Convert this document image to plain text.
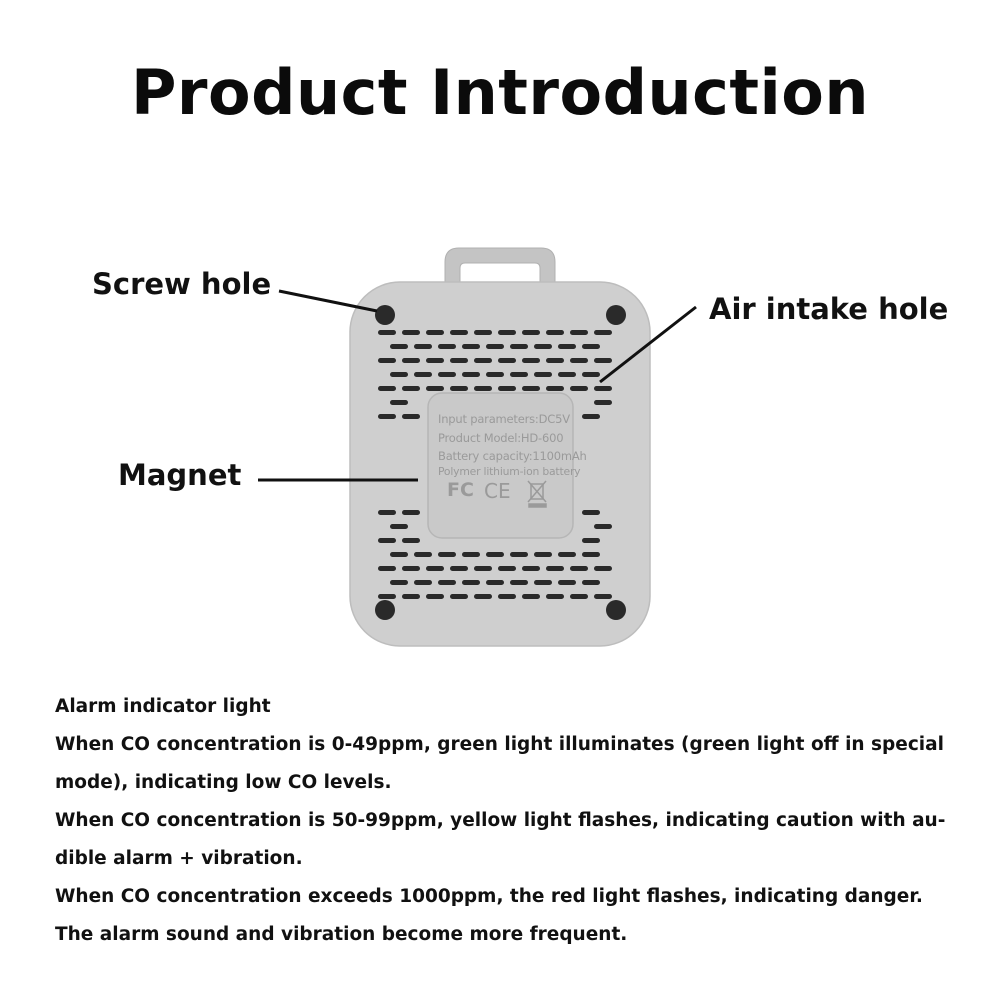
Product Introduction
Screw hole
Air intake hole
Magnet
Input parameters:DC5V
Product Model:HD-600
Battery capacity:1100mAh
Polymer lithium-ion battery
FC CE
Alarm indicator light
When CO concentration is 0-49ppm, green light illuminates (green light off in special mode), indicating low CO levels.
When CO concentration is 50-99ppm, yellow light flashes, indicating caution with au-dible alarm + vibration.
When CO concentration exceeds 1000ppm, the red light flashes, indicating danger. The alarm sound and vibration become more frequent.
